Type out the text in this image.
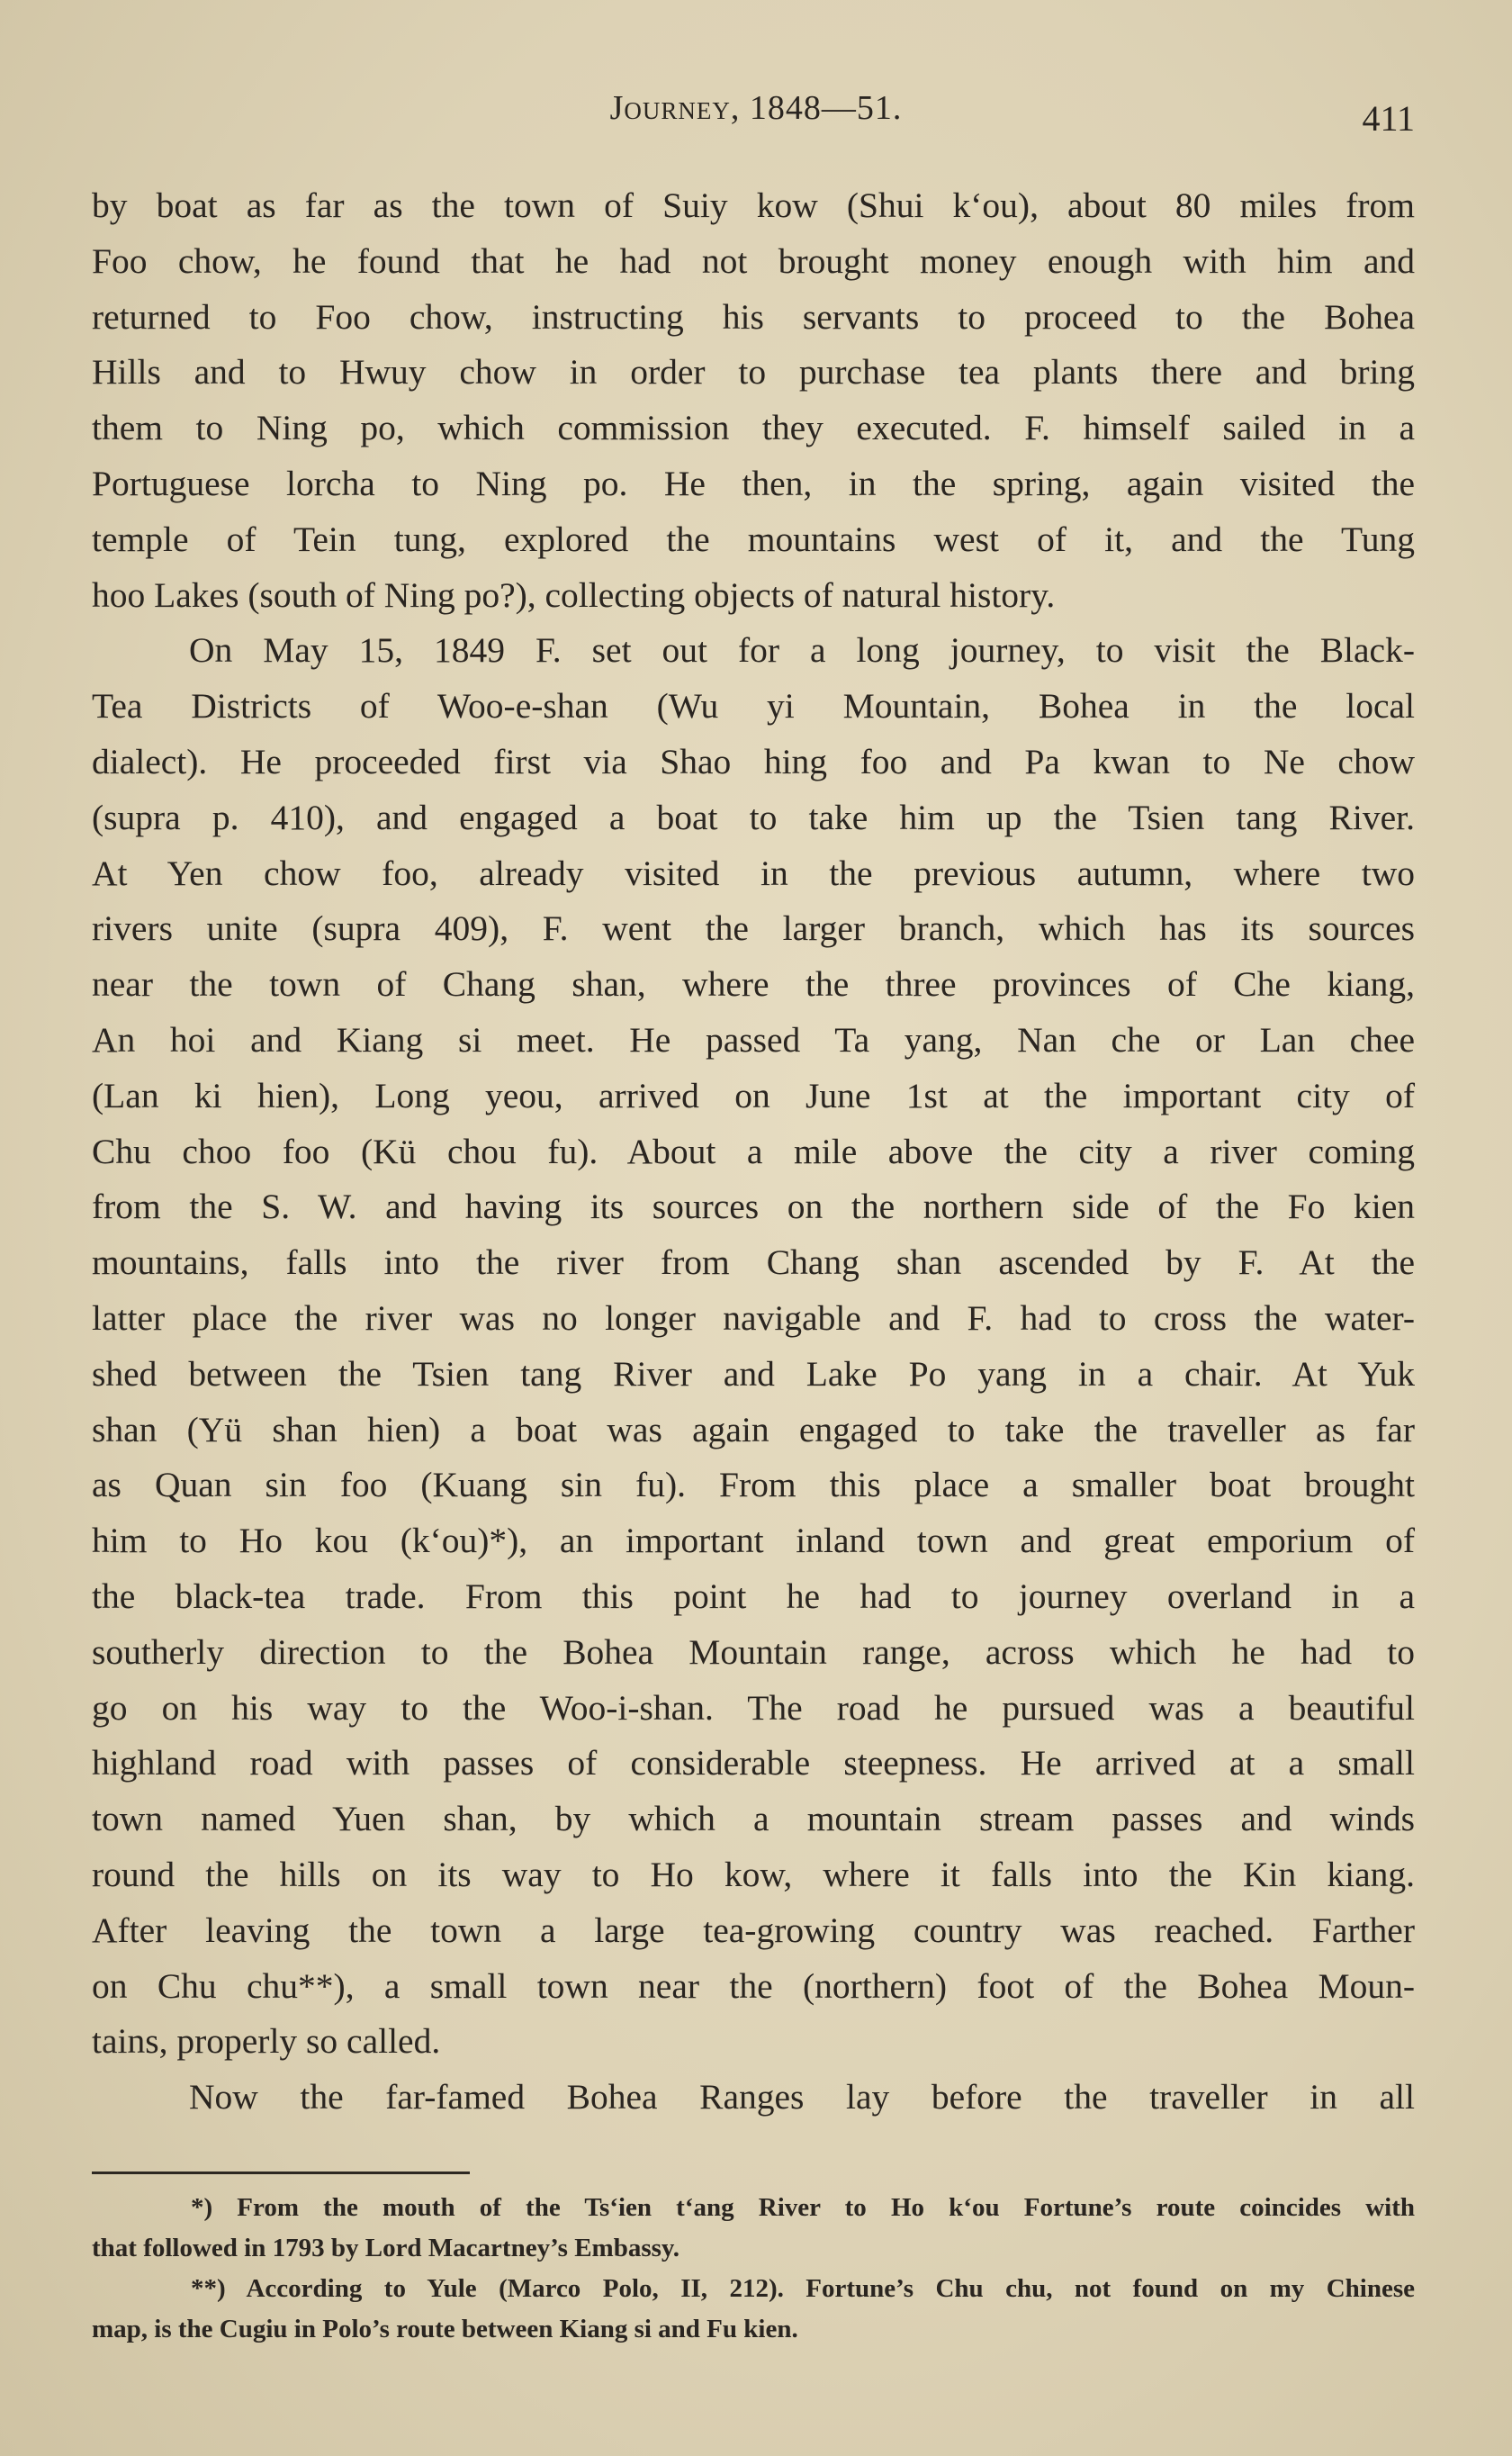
Journey, 1848—51.	411
by boat as far as the town of Suiy kow (Shui k‘ou), about 80 miles from
Foo chow, he found that he had not brought money enough with him and
returned to Foo chow, instructing his servants to proceed to the Bohea
Hills and to Hwuy chow in order to purchase tea plants there and bring
them to Ning po, which commission they executed. F. himself sailed in a
Portuguese lorcha to Ning po. He then, in the spring, again visited the
temple of Tein tung, explored the mountains west of it, and the Tung
hoo Lakes (south of Ning po?), collecting objects of natural history.
On May 15, 1849 F. set out for a long journey, to visit the Black-
Tea Districts of Woo-e-shan (Wu yi Mountain, Bohea in the local
dialect). He proceeded first via Shao hing foo and Pa kwan to Ne chow
(supra p. 410), and engaged a boat to take him up the Tsien tang River.
At Yen chow foo, already visited in the previous autumn, where two
rivers unite (supra 409), F. went the larger branch, which has its sources
near the town of Chang shan, where the three provinces of Che kiang,
An hoi and Kiang si meet. He passed Ta yang, Nan che or Lan chee
(Lan ki hien), Long yeou, arrived on June 1st at the important city of
Chu choo foo (Kü chou fu). About a mile above the city a river coming
from the S. W. and having its sources on the northern side of the Fo kien
mountains, falls into the river from Chang shan ascended by F. At the
latter place the river was no longer navigable and F. had to cross the water-
shed between the Tsien tang River and Lake Po yang in a chair. At Yuk
shan (Yü shan hien) a boat was again engaged to take the traveller as far
as Quan sin foo (Kuang sin fu). From this place a smaller boat brought
him to Ho kou (k‘ou)*), an important inland town and great emporium of
the black-tea trade. From this point he had to journey overland in a
southerly direction to the Bohea Mountain range, across which he had to
go on his way to the Woo-i-shan. The road he pursued was a beautiful
highland road with passes of considerable steepness. He arrived at a small
town named Yuen shan, by which a mountain stream passes and winds
round the hills on its way to Ho kow, where it falls into the Kin kiang.
After leaving the town a large tea-growing country was reached. Farther
on Chu chu**), a small town near the (northern) foot of the Bohea Moun-
tains, properly so called.
Now the far-famed Bohea Ranges lay before the traveller in all
*) From the mouth of the Ts‘ien t‘ang River to Ho k‘ou Fortune’s route coincides with
that followed in 1793 by Lord Macartney’s Embassy.
**) According to Yule (Marco Polo, II, 212). Fortune’s Chu chu, not found on my Chinese
map, is the Cugiu in Polo’s route between Kiang si and Fu kien.
